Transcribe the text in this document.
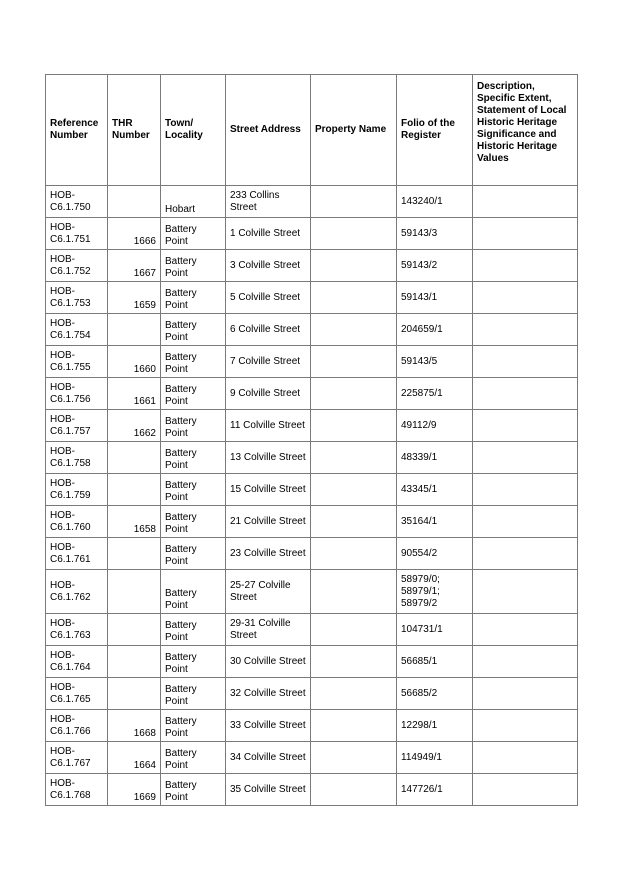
Reference Number	THR Number	Town/ Locality	Street Address	Property Name	Folio of the Register	Description, Specific Extent, Statement of Local Historic Heritage Significance and Historic Heritage Values
HOB-C6.1.750		Hobart	233 Collins Street		143240/1	
HOB-C6.1.751	1666	Battery Point	1 Colville Street		59143/3	
HOB-C6.1.752	1667	Battery Point	3 Colville Street		59143/2	
HOB-C6.1.753	1659	Battery Point	5 Colville Street		59143/1	
HOB-C6.1.754		Battery Point	6 Colville Street		204659/1	
HOB-C6.1.755	1660	Battery Point	7 Colville Street		59143/5	
HOB-C6.1.756	1661	Battery Point	9 Colville Street		225875/1	
HOB-C6.1.757	1662	Battery Point	11 Colville Street		49112/9	
HOB-C6.1.758		Battery Point	13 Colville Street		48339/1	
HOB-C6.1.759		Battery Point	15 Colville Street		43345/1	
HOB-C6.1.760	1658	Battery Point	21 Colville Street		35164/1	
HOB-C6.1.761		Battery Point	23 Colville Street		90554/2	
HOB-C6.1.762		Battery Point	25-27 Colville Street		58979/0;
58979/1;
58979/2	
HOB-C6.1.763		Battery Point	29-31 Colville Street		104731/1	
HOB-C6.1.764		Battery Point	30 Colville Street		56685/1	
HOB-C6.1.765		Battery Point	32 Colville Street		56685/2	
HOB-C6.1.766	1668	Battery Point	33 Colville Street		12298/1	
HOB-C6.1.767	1664	Battery Point	34 Colville Street		114949/1	
HOB-C6.1.768	1669	Battery Point	35 Colville Street		147726/1	
